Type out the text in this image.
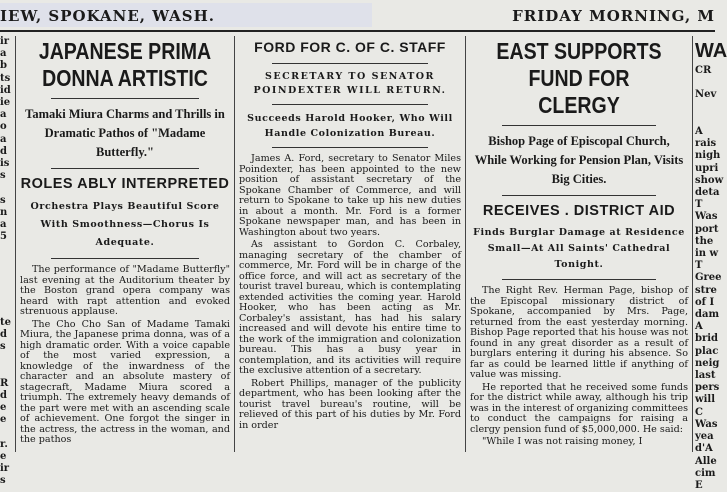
IEW, SPOKANE, WASH.	FRIDAY MORNING, M
ir
a
b
ts
id
ie
a
o
a
d
is
s

s
n
a
5

te
d
s

R
d
e
e

r.
e
ir
s
JAPANESE PRIMA DONNA ARTISTIC
Tamaki Miura Charms and Thrills in Dramatic Pathos of "Madame Butterfly."
ROLES ABLY INTERPRETED
Orchestra Plays Beautiful Score With Smoothness—Chorus Is Adequate.

The performance of "Madame Butterfly" last evening at the Auditorium theater by the Boston grand opera company was heard with rapt attention and evoked strenuous applause.

The Cho Cho San of Madame Tamaki Miura, the Japanese prima donna, was of a high dramatic order. With a voice capable of the most varied expression, a knowledge of the inwardness of the character and an absolute mastery of stagecraft, Madame Miura scored a triumph. The extremely heavy demands of the part were met with an ascending scale of achievement. One forgot the singer in the actress, the actress in the woman, and the pathos

FORD FOR C. OF C. STAFF
SECRETARY TO SENATOR POINDEXTER WILL RETURN.
Succeeds Harold Hooker, Who Will Handle Colonization Bureau.

James A. Ford, secretary to Senator Miles Poindexter, has been appointed to the new position of assistant secretary of the Spokane Chamber of Commerce, and will return to Spokane to take up his new duties in about a month. Mr. Ford is a former Spokane newspaper man, and has been in Washington about two years.

As assistant to Gordon C. Corbaley, managing secretary of the chamber of commerce, Mr. Ford will be in charge of the office force, and will act as secretary of the tourist travel bureau, which is contemplating extended activities the coming year. Harold Hooker, who has been acting as Mr. Corbaley's assistant, has had his salary increased and will devote his entire time to the work of the immigration and colonization bureau. This has a busy year in contemplation, and its activities will require the exclusive attention of a secretary.

Robert Phillips, manager of the publicity department, who has been looking after the tourist travel bureau's routine, will be relieved of this part of his duties by Mr. Ford in order

EAST SUPPORTS FUND FOR CLERGY
Bishop Page of Episcopal Church, While Working for Pension Plan, Visits Big Cities.
RECEIVES . DISTRICT AID
Finds Burglar Damage at Residence Small—At All Saints' Cathedral Tonight.

The Right Rev. Herman Page, bishop of the Episcopal missionary district of Spokane, accompanied by Mrs. Page, returned from the east yesterday morning. Bishop Page reported that his house was not found in any great disorder as a result of burglars entering it during his absence. So far as could be learned little if anything of value was missing.

He reported that he received some funds for the district while away, although his trip was in the interest of organizing committees to conduct the campaigns for raising a clergy pension fund of $5,000,000. He said:

"While I was not raising money, I

WA
CR

Nev

A
rais
nigh
upri
show
deta
T
Was
port
the
in w
T
Gree
stre
of I
dam
A
brid
plac
neig
last
pers
will
C
Was
yea
d'A
Alle
cim
E
